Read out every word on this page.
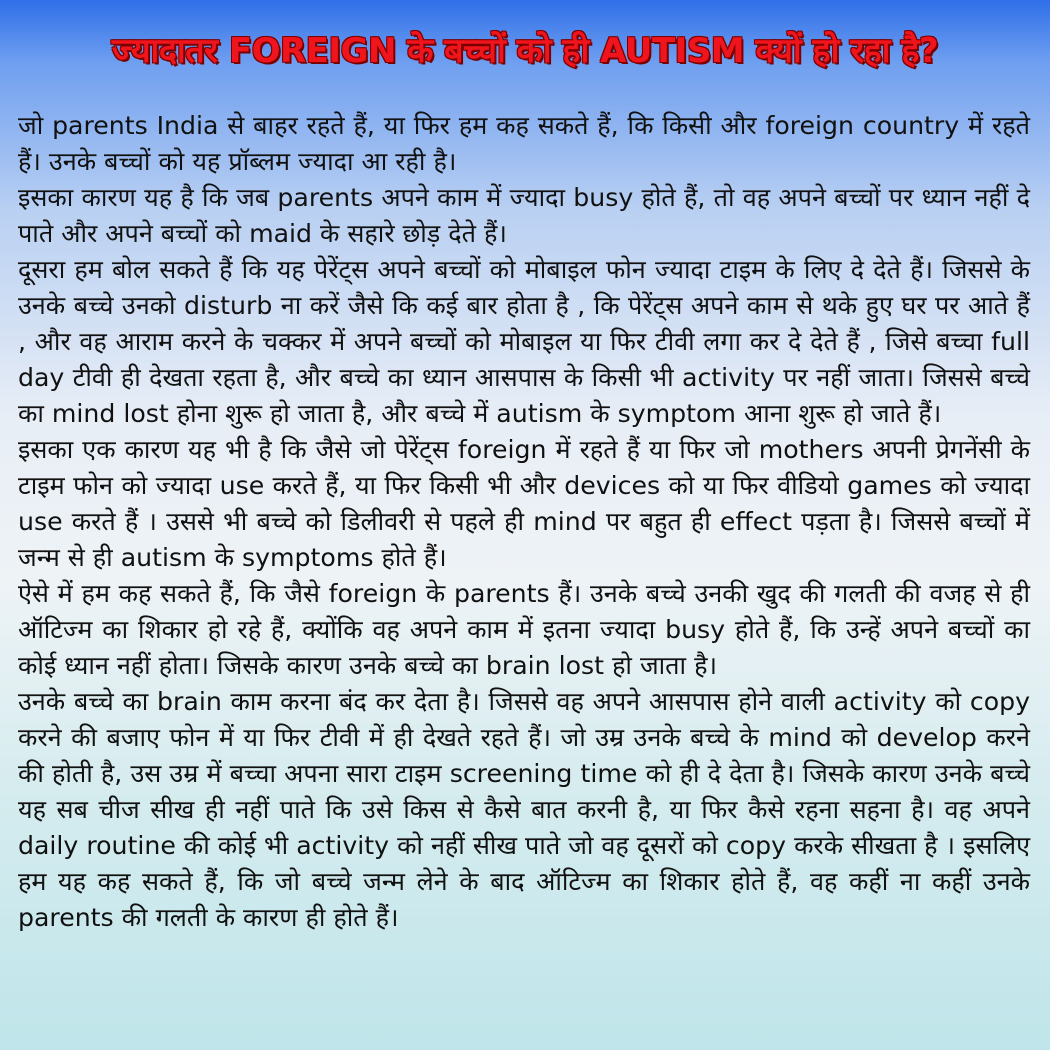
ज्यादातर FOREIGN के बच्चों को ही AUTISM क्यों हो रहा है?

जो parents India से बाहर रहते हैं, या फिर हम कह सकते हैं, कि किसी और foreign country में रहते हैं। उनके बच्चों को यह प्रॉब्लम ज्यादा आ रही है।

इसका कारण यह है कि जब parents अपने काम में ज्यादा busy होते हैं, तो वह अपने बच्चों पर ध्यान नहीं दे पाते और अपने बच्चों को maid के सहारे छोड़ देते हैं।

दूसरा हम बोल सकते हैं कि यह पेरेंट्स अपने बच्चों को मोबाइल फोन ज्यादा टाइम के लिए दे देते हैं। जिससे के उनके बच्चे उनको disturb ना करें जैसे कि कई बार होता है , कि पेरेंट्स अपने काम से थके हुए घर पर आते हैं , और वह आराम करने के चक्कर में अपने बच्चों को मोबाइल या फिर टीवी लगा कर दे देते हैं , जिसे बच्चा full day टीवी ही देखता रहता है, और बच्चे का ध्यान आसपास के किसी भी activity पर नहीं जाता। जिससे बच्चे का mind lost होना शुरू हो जाता है, और बच्चे में autism के symptom आना शुरू हो जाते हैं।

इसका एक कारण यह भी है कि जैसे जो पेरेंट्स foreign में रहते हैं या फिर जो mothers अपनी प्रेगनेंसी के टाइम फोन को ज्यादा use करते हैं, या फिर किसी भी और devices को या फिर वीडियो games को ज्यादा use करते हैं । उससे भी बच्चे को डिलीवरी से पहले ही mind पर बहुत ही effect पड़ता है। जिससे बच्चों में जन्म से ही autism के symptoms होते हैं।

ऐसे में हम कह सकते हैं, कि जैसे foreign के parents हैं। उनके बच्चे उनकी खुद की गलती की वजह से ही ऑटिज्म का शिकार हो रहे हैं, क्योंकि वह अपने काम में इतना ज्यादा busy होते हैं, कि उन्हें अपने बच्चों का कोई ध्यान नहीं होता। जिसके कारण उनके बच्चे का brain lost हो जाता है।

उनके बच्चे का brain काम करना बंद कर देता है। जिससे वह अपने आसपास होने वाली activity को copy करने की बजाए फोन में या फिर टीवी में ही देखते रहते हैं। जो उम्र उनके बच्चे के mind को develop करने की होती है, उस उम्र में बच्चा अपना सारा टाइम screening time को ही दे देता है। जिसके कारण उनके बच्चे यह सब चीज सीख ही नहीं पाते कि उसे किस से कैसे बात करनी है, या फिर कैसे रहना सहना है। वह अपने daily routine की कोई भी activity को नहीं सीख पाते जो वह दूसरों को copy करके सीखता है । इसलिए हम यह कह सकते हैं, कि जो बच्चे जन्म लेने के बाद ऑटिज्म का शिकार होते हैं, वह कहीं ना कहीं उनके parents की गलती के कारण ही होते हैं।
